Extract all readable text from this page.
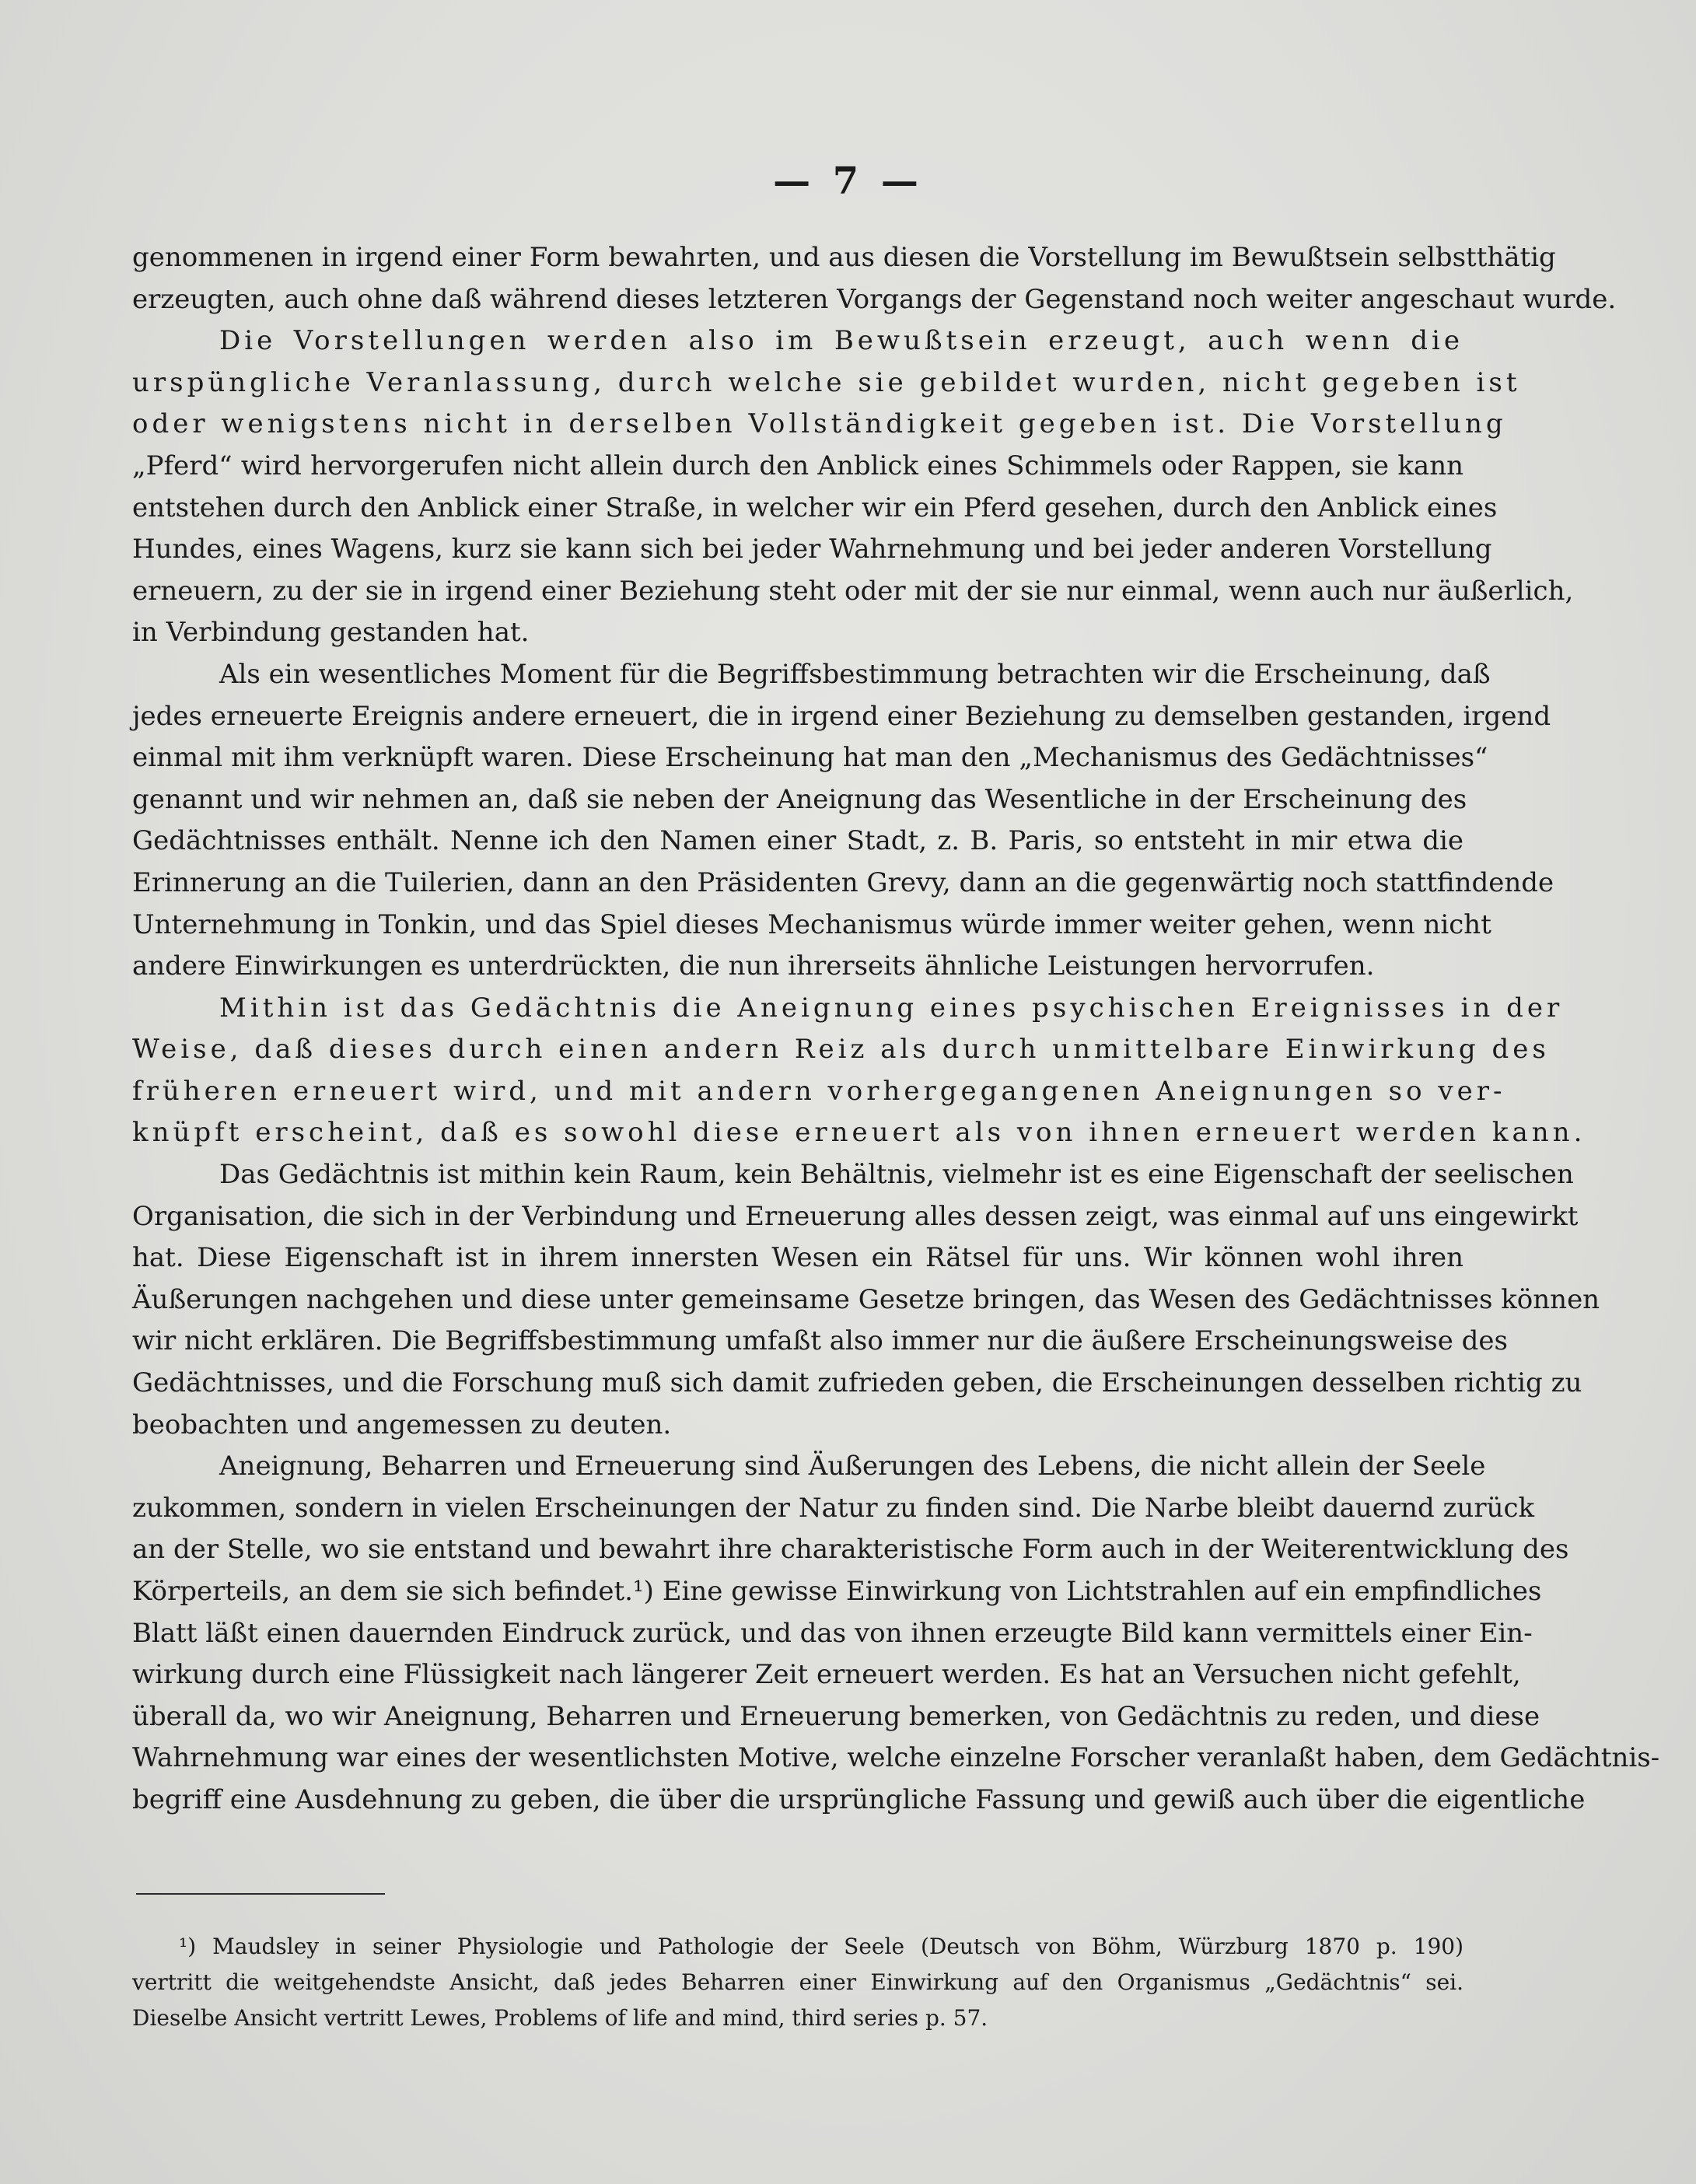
— 7 —
genommenen in irgend einer Form bewahrten, und aus diesen die Vorstellung im Bewußtsein selbstthätig
erzeugten, auch ohne daß während dieses letzteren Vorgangs der Gegenstand noch weiter angeschaut wurde.
Die Vorstellungen werden also im Bewußtsein erzeugt, auch wenn die
urspüngliche Veranlassung, durch welche sie gebildet wurden, nicht gegeben ist
oder wenigstens nicht in derselben Vollständigkeit gegeben ist. Die Vorstellung
„Pferd“ wird hervorgerufen nicht allein durch den Anblick eines Schimmels oder Rappen, sie kann
entstehen durch den Anblick einer Straße, in welcher wir ein Pferd gesehen, durch den Anblick eines
Hundes, eines Wagens, kurz sie kann sich bei jeder Wahrnehmung und bei jeder anderen Vorstellung
erneuern, zu der sie in irgend einer Beziehung steht oder mit der sie nur einmal, wenn auch nur äußerlich,
in Verbindung gestanden hat.
Als ein wesentliches Moment für die Begriffsbestimmung betrachten wir die Erscheinung, daß
jedes erneuerte Ereignis andere erneuert, die in irgend einer Beziehung zu demselben gestanden, irgend
einmal mit ihm verknüpft waren. Diese Erscheinung hat man den „Mechanismus des Gedächtnisses“
genannt und wir nehmen an, daß sie neben der Aneignung das Wesentliche in der Erscheinung des
Gedächtnisses enthält. Nenne ich den Namen einer Stadt, z. B. Paris, so entsteht in mir etwa die
Erinnerung an die Tuilerien, dann an den Präsidenten Grevy, dann an die gegenwärtig noch stattfindende
Unternehmung in Tonkin, und das Spiel dieses Mechanismus würde immer weiter gehen, wenn nicht
andere Einwirkungen es unterdrückten, die nun ihrerseits ähnliche Leistungen hervorrufen.
Mithin ist das Gedächtnis die Aneignung eines psychischen Ereignisses in der
Weise, daß dieses durch einen andern Reiz als durch unmittelbare Einwirkung des
früheren erneuert wird, und mit andern vorhergegangenen Aneignungen so ver-
knüpft erscheint, daß es sowohl diese erneuert als von ihnen erneuert werden kann.
Das Gedächtnis ist mithin kein Raum, kein Behältnis, vielmehr ist es eine Eigenschaft der seelischen
Organisation, die sich in der Verbindung und Erneuerung alles dessen zeigt, was einmal auf uns eingewirkt
hat. Diese Eigenschaft ist in ihrem innersten Wesen ein Rätsel für uns. Wir können wohl ihren
Äußerungen nachgehen und diese unter gemeinsame Gesetze bringen, das Wesen des Gedächtnisses können
wir nicht erklären. Die Begriffsbestimmung umfaßt also immer nur die äußere Erscheinungsweise des
Gedächtnisses, und die Forschung muß sich damit zufrieden geben, die Erscheinungen desselben richtig zu
beobachten und angemessen zu deuten.
Aneignung, Beharren und Erneuerung sind Äußerungen des Lebens, die nicht allein der Seele
zukommen, sondern in vielen Erscheinungen der Natur zu finden sind. Die Narbe bleibt dauernd zurück
an der Stelle, wo sie entstand und bewahrt ihre charakteristische Form auch in der Weiterentwicklung des
Körperteils, an dem sie sich befindet.¹) Eine gewisse Einwirkung von Lichtstrahlen auf ein empfindliches
Blatt läßt einen dauernden Eindruck zurück, und das von ihnen erzeugte Bild kann vermittels einer Ein-
wirkung durch eine Flüssigkeit nach längerer Zeit erneuert werden. Es hat an Versuchen nicht gefehlt,
überall da, wo wir Aneignung, Beharren und Erneuerung bemerken, von Gedächtnis zu reden, und diese
Wahrnehmung war eines der wesentlichsten Motive, welche einzelne Forscher veranlaßt haben, dem Gedächtnis-
begriff eine Ausdehnung zu geben, die über die ursprüngliche Fassung und gewiß auch über die eigentliche
¹) Maudsley in seiner Physiologie und Pathologie der Seele (Deutsch von Böhm, Würzburg 1870 p. 190)
vertritt die weitgehendste Ansicht, daß jedes Beharren einer Einwirkung auf den Organismus „Gedächtnis“ sei.
Dieselbe Ansicht vertritt Lewes, Problems of life and mind, third series p. 57.
